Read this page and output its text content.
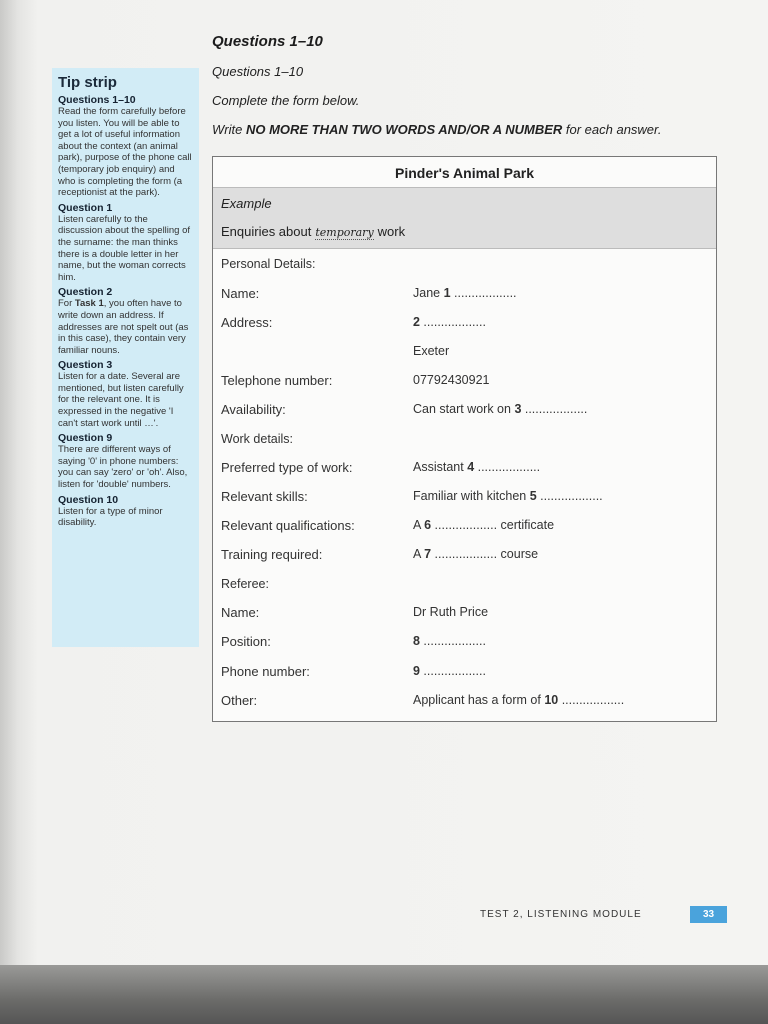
Questions 1–10
Questions 1–10
Complete the form below.
Write NO MORE THAN TWO WORDS AND/OR A NUMBER for each answer.
Tip strip
Questions 1–10
Read the form carefully before you listen. You will be able to get a lot of useful information about the context (an animal park), purpose of the phone call (temporary job enquiry) and who is completing the form (a receptionist at the park).
Question 1
Listen carefully to the discussion about the spelling of the surname: the man thinks there is a double letter in her name, but the woman corrects him.
Question 2
For Task 1, you often have to write down an address. If addresses are not spelt out (as in this case), they contain very familiar nouns.
Question 3
Listen for a date. Several are mentioned, but listen carefully for the relevant one. It is expressed in the negative 'I can't start work until …'.
Question 9
There are different ways of saying '0' in phone numbers: you can say 'zero' or 'oh'. Also, listen for 'double' numbers.
Question 10
Listen for a type of minor disability.
Pinder's Animal Park
Example
Enquiries about temporary work
Personal Details:
Name:	Jane 1 ..................
Address:	2 ..................
Exeter
Telephone number:	07792430921
Availability:	Can start work on 3 ..................
Work details:
Preferred type of work:	Assistant 4 ..................
Relevant skills:	Familiar with kitchen 5 ..................
Relevant qualifications:	A 6 .................. certificate
Training required:	A 7 .................. course
Referee:
Name:	Dr Ruth Price
Position:	8 ..................
Phone number:	9 ..................
Other:	Applicant has a form of 10 ..................
TEST 2, LISTENING MODULE	33
